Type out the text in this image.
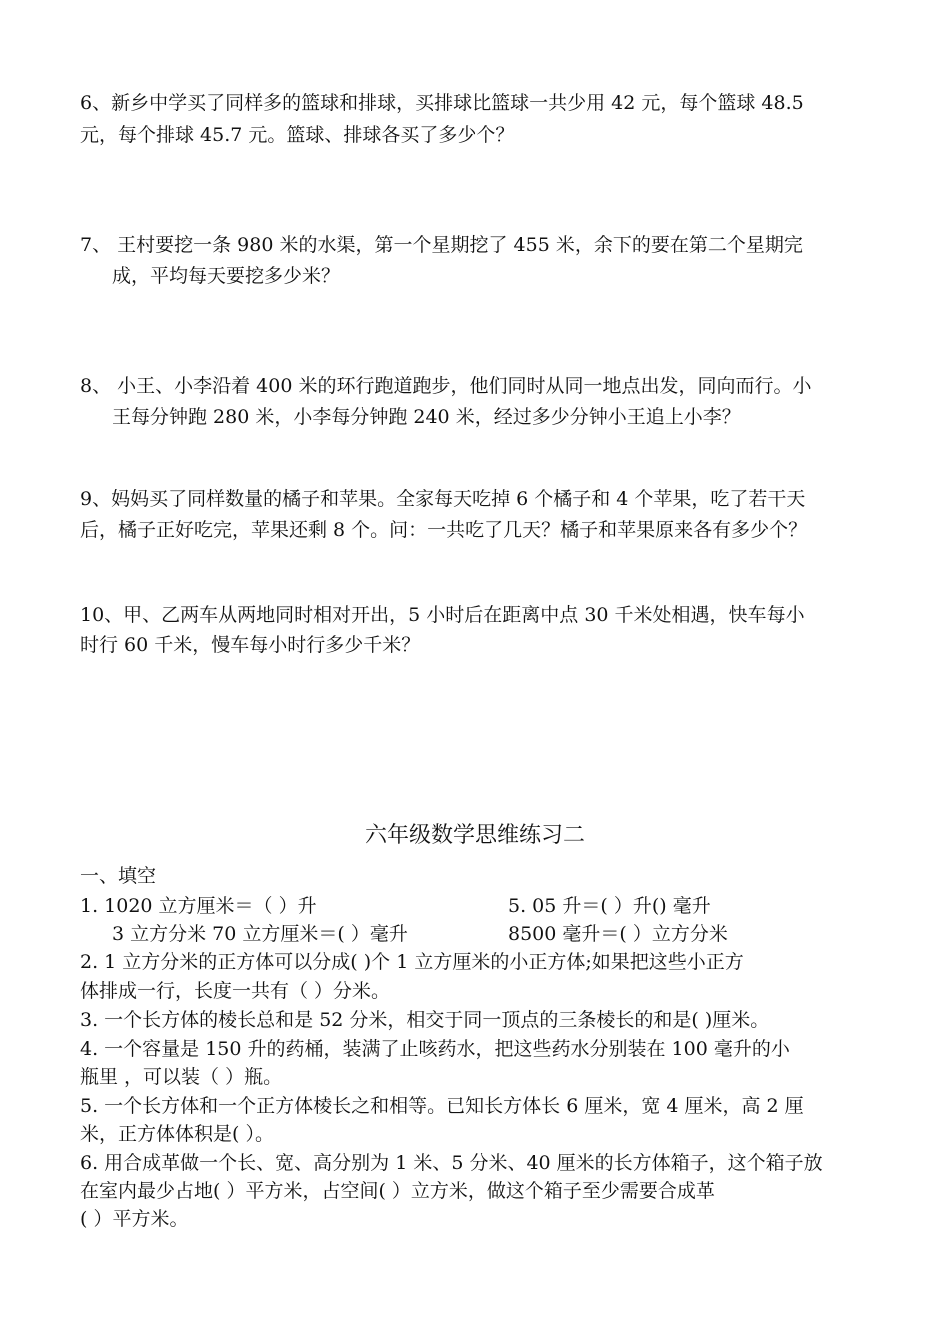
6、新乡中学买了同样多的篮球和排球，买排球比篮球一共少用 42 元，每个篮球 48.5
元，每个排球 45.7 元。篮球、排球各买了多少个？
7、 王村要挖一条 980 米的水渠，第一个星期挖了 455 米，余下的要在第二个星期完
成，平均每天要挖多少米？
8、 小王、小李沿着 400 米的环行跑道跑步，他们同时从同一地点出发，同向而行。小
王每分钟跑 280 米，小李每分钟跑 240 米，经过多少分钟小王追上小李？
9、妈妈买了同样数量的橘子和苹果。全家每天吃掉 6 个橘子和 4 个苹果，吃了若干天
后，橘子正好吃完，苹果还剩 8 个。问：一共吃了几天？橘子和苹果原来各有多少个？
10、甲、乙两车从两地同时相对开出，5 小时后在距离中点 30 千米处相遇，快车每小
时行 60 千米，慢车每小时行多少千米？
六年级数学思维练习二
一、填空
1. 1020 立方厘米＝（ ）升	5. 05 升＝( ）升() 毫升
3 立方分米 70 立方厘米＝( ）毫升	8500 毫升＝( ）立方分米
2. 1 立方分米的正方体可以分成( )个 1 立方厘米的小正方体;如果把这些小正方
体排成一行，长度一共有（ ）分米。
3. 一个长方体的棱长总和是 52 分米，相交于同一顶点的三条棱长的和是( )厘米。
4. 一个容量是 150 升的药桶，装满了止咳药水，把这些药水分别装在 100 毫升的小
瓶里 ，可以装（ ）瓶。
5. 一个长方体和一个正方体棱长之和相等。已知长方体长 6 厘米，宽 4 厘米，高 2 厘
米，正方体体积是( ）。
6. 用合成革做一个长、宽、高分别为 1 米、5 分米、40 厘米的长方体箱子，这个箱子放
在室内最少占地( ）平方米，占空间( ）立方米，做这个箱子至少需要合成革
( ）平方米。
